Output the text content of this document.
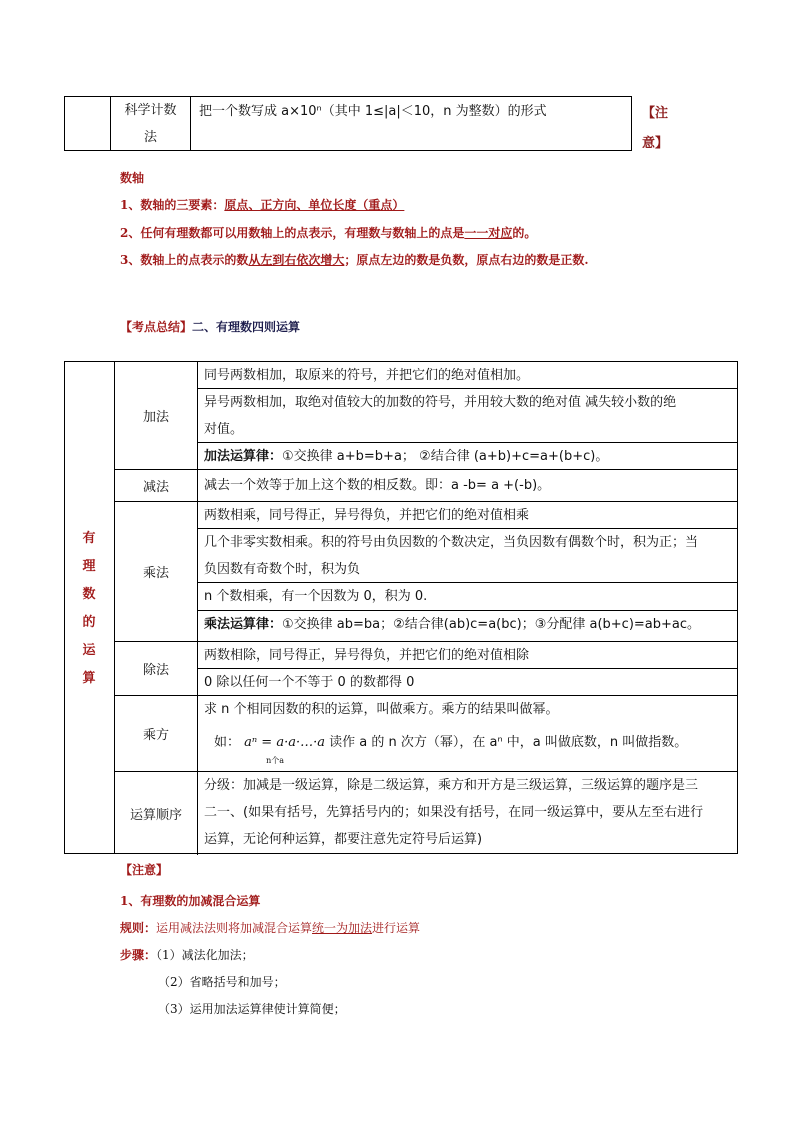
科学计数
法
把一个数写成 a×10ⁿ（其中 1≤|a|＜10，n 为整数）的形式	【注
意】
数轴
1、数轴的三要素：原点、正方向、单位长度（重点）
2、任何有理数都可以用数轴上的点表示，有理数与数轴上的点是一一对应的。
3、数轴上的点表示的数从左到右依次增大；原点左边的数是负数，原点右边的数是正数.
【考点总结】二、有理数四则运算
有
理
数
的
运
算
加法
同号两数相加，取原来的符号，并把它们的绝对值相加。
异号两数相加，取绝对值较大的加数的符号，并用较大数的绝对值 减失较小数的绝
对值。
加法运算律：①交换律 a+b=b+a； ②结合律 (a+b)+c=a+(b+c)。
减法	减去一个效等于加上这个数的相反数。即：a -b= a +(-b)。
乘法
两数相乘，同号得正，异号得负，并把它们的绝对值相乘
几个非零实数相乘。积的符号由负因数的个数决定，当负因数有偶数个时，积为正；当
负因数有奇数个时，积为负
n 个数相乘，有一个因数为 0，积为 0.
乘法运算律：①交换律 ab=ba；②结合律(ab)c=a(bc)；③分配律 a(b+c)=ab+ac。
除法
两数相除，同号得正，异号得负，并把它们的绝对值相除
0 除以任何一个不等于 0 的数都得 0
乘方
求 n 个相同因数的积的运算，叫做乘方。乘方的结果叫做幂。
如： aⁿ = a·a·…·a
n个a
读作 a 的 n 次方（幂），在 aⁿ 中，a 叫做底数，n 叫做指数。
运算顺序
分级：加减是一级运算，除是二级运算，乘方和开方是三级运算，三级运算的题序是三
二一、(如果有括号，先算括号内的；如果没有括号，在同一级运算中，要从左至右进行
运算，无论何种运算，都要注意先定符号后运算)
【注意】
1、有理数的加减混合运算
规则：运用减法法则将加减混合运算统一为加法进行运算
步骤：（1）减法化加法；
（2）省略括号和加号；
（3）运用加法运算律使计算简便；
